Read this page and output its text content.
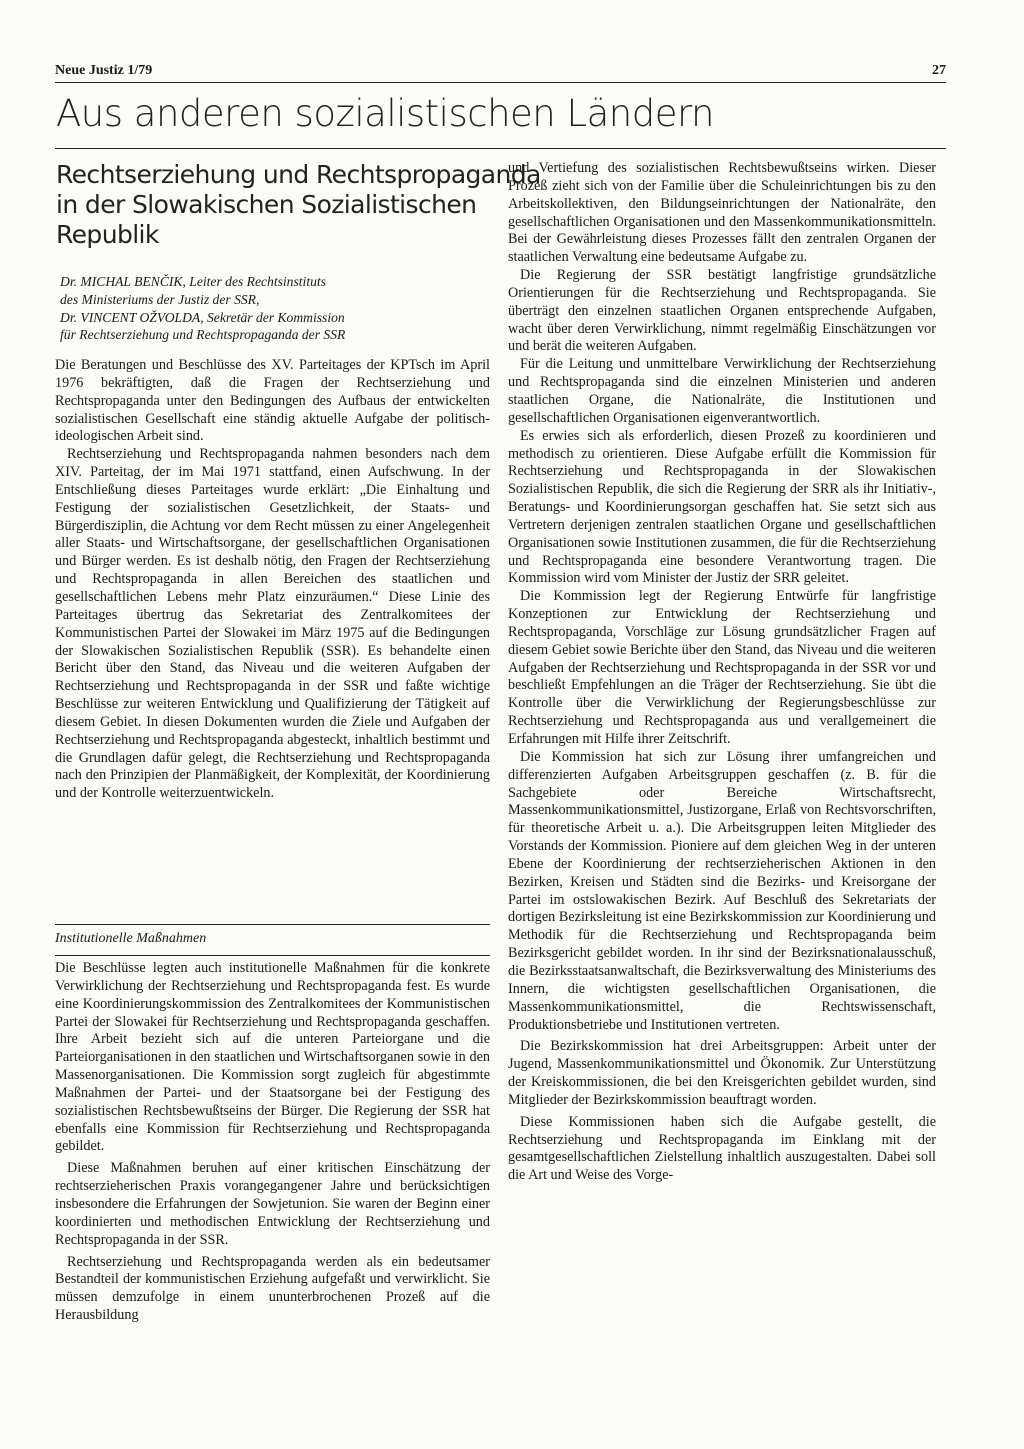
Neue Justiz 1/79	27
Aus anderen sozialistischen Ländern
Rechtserziehung und Rechtspropaganda
in der Slowakischen Sozialistischen
Republik
Dr. MICHAL BENČIK, Leiter des Rechtsinstituts
des Ministeriums der Justiz der SSR,
Dr. VINCENT OŽVOLDA, Sekretär der Kommission
für Rechtserziehung und Rechtspropaganda der SSR

Die Beratungen und Beschlüsse des XV. Parteitages der KPTsch im April 1976 bekräftigten, daß die Fragen der Rechtserziehung und Rechtspropaganda unter den Bedingungen des Aufbaus der entwickelten sozialistischen Gesellschaft eine ständig aktuelle Aufgabe der politisch-ideologischen Arbeit sind.

Rechtserziehung und Rechtspropaganda nahmen besonders nach dem XIV. Parteitag, der im Mai 1971 stattfand, einen Aufschwung. In der Entschließung dieses Parteitages wurde erklärt: „Die Einhaltung und Festigung der sozialistischen Gesetzlichkeit, der Staats- und Bürgerdisziplin, die Achtung vor dem Recht müssen zu einer Angelegenheit aller Staats- und Wirtschaftsorgane, der gesellschaftlichen Organisationen und Bürger werden. Es ist deshalb nötig, den Fragen der Rechtserziehung und Rechtspropaganda in allen Bereichen des staatlichen und gesellschaftlichen Lebens mehr Platz einzuräumen.“ Diese Linie des Parteitages übertrug das Sekretariat des Zentralkomitees der Kommunistischen Partei der Slowakei im März 1975 auf die Bedingungen der Slowakischen Sozialistischen Republik (SSR). Es behandelte einen Bericht über den Stand, das Niveau und die weiteren Aufgaben der Rechtserziehung und Rechtspropaganda in der SSR und faßte wichtige Beschlüsse zur weiteren Entwicklung und Qualifizierung der Tätigkeit auf diesem Gebiet. In diesen Dokumenten wurden die Ziele und Aufgaben der Rechtserziehung und Rechtspropaganda abgesteckt, inhaltlich bestimmt und die Grundlagen dafür gelegt, die Rechtserziehung und Rechtspropaganda nach den Prinzipien der Planmäßigkeit, der Komplexität, der Koordinierung und der Kontrolle weiterzuentwickeln.

Institutionelle Maßnahmen

Die Beschlüsse legten auch institutionelle Maßnahmen für die konkrete Verwirklichung der Rechtserziehung und Rechtspropaganda fest. Es wurde eine Koordinierungskommission des Zentralkomitees der Kommunistischen Partei der Slowakei für Rechtserziehung und Rechtspropaganda geschaffen. Ihre Arbeit bezieht sich auf die unteren Parteiorgane und die Parteiorganisationen in den staatlichen und Wirtschaftsorganen sowie in den Massenorganisationen. Die Kommission sorgt zugleich für abgestimmte Maßnahmen der Partei- und der Staatsorgane bei der Festigung des sozialistischen Rechtsbewußtseins der Bürger. Die Regierung der SSR hat ebenfalls eine Kommission für Rechtserziehung und Rechtspropaganda gebildet.

Diese Maßnahmen beruhen auf einer kritischen Einschätzung der rechtserzieherischen Praxis vorangegangener Jahre und berücksichtigen insbesondere die Erfahrungen der Sowjetunion. Sie waren der Beginn einer koordinierten und methodischen Entwicklung der Rechtserziehung und Rechtspropaganda in der SSR.

Rechtserziehung und Rechtspropaganda werden als ein bedeutsamer Bestandteil der kommunistischen Erziehung aufgefaßt und verwirklicht. Sie müssen demzufolge in einem ununterbrochenen Prozeß auf die Herausbildung

und Vertiefung des sozialistischen Rechtsbewußtseins wirken. Dieser Prozeß zieht sich von der Familie über die Schuleinrichtungen bis zu den Arbeitskollektiven, den Bildungseinrichtungen der Nationalräte, den gesellschaftlichen Organisationen und den Massenkommunikationsmitteln. Bei der Gewährleistung dieses Prozesses fällt den zentralen Organen der staatlichen Verwaltung eine bedeutsame Aufgabe zu.

Die Regierung der SSR bestätigt langfristige grundsätzliche Orientierungen für die Rechtserziehung und Rechtspropaganda. Sie überträgt den einzelnen staatlichen Organen entsprechende Aufgaben, wacht über deren Verwirklichung, nimmt regelmäßig Einschätzungen vor und berät die weiteren Aufgaben.

Für die Leitung und unmittelbare Verwirklichung der Rechtserziehung und Rechtspropaganda sind die einzelnen Ministerien und anderen staatlichen Organe, die Nationalräte, die Institutionen und gesellschaftlichen Organisationen eigenverantwortlich.

Es erwies sich als erforderlich, diesen Prozeß zu koordinieren und methodisch zu orientieren. Diese Aufgabe erfüllt die Kommission für Rechtserziehung und Rechtspropaganda in der Slowakischen Sozialistischen Republik, die sich die Regierung der SRR als ihr Initiativ-, Beratungs- und Koordinierungsorgan geschaffen hat. Sie setzt sich aus Vertretern derjenigen zentralen staatlichen Organe und gesellschaftlichen Organisationen sowie Institutionen zusammen, die für die Rechtserziehung und Rechtspropaganda eine besondere Verantwortung tragen. Die Kommission wird vom Minister der Justiz der SRR geleitet.

Die Kommission legt der Regierung Entwürfe für langfristige Konzeptionen zur Entwicklung der Rechtserziehung und Rechtspropaganda, Vorschläge zur Lösung grundsätzlicher Fragen auf diesem Gebiet sowie Berichte über den Stand, das Niveau und die weiteren Aufgaben der Rechtserziehung und Rechtspropaganda in der SSR vor und beschließt Empfehlungen an die Träger der Rechtserziehung. Sie übt die Kontrolle über die Verwirklichung der Regierungsbeschlüsse zur Rechtserziehung und Rechtspropaganda aus und verallgemeinert die Erfahrungen mit Hilfe ihrer Zeitschrift.

Die Kommission hat sich zur Lösung ihrer umfangreichen und differenzierten Aufgaben Arbeitsgruppen geschaffen (z. B. für die Sachgebiete oder Bereiche Wirtschaftsrecht, Massenkommunikationsmittel, Justizorgane, Erlaß von Rechtsvorschriften, für theoretische Arbeit u. a.). Die Arbeitsgruppen leiten Mitglieder des Vorstands der Kommission. Pioniere auf dem gleichen Weg in der unteren Ebene der Koordinierung der rechtserzieherischen Aktionen in den Bezirken, Kreisen und Städten sind die Bezirks- und Kreisorgane der Partei im ostslowakischen Bezirk. Auf Beschluß des Sekretariats der dortigen Bezirksleitung ist eine Bezirkskommission zur Koordinierung und Methodik für die Rechtserziehung und Rechtspropaganda beim Bezirksgericht gebildet worden. In ihr sind der Bezirksnationalausschuß, die Bezirksstaatsanwaltschaft, die Bezirksverwaltung des Ministeriums des Innern, die wichtigsten gesellschaftlichen Organisationen, die Massenkommunikationsmittel, die Rechtswissenschaft, Produktionsbetriebe und Institutionen vertreten.

Die Bezirkskommission hat drei Arbeitsgruppen: Arbeit unter der Jugend, Massenkommunikationsmittel und Ökonomik. Zur Unterstützung der Kreiskommissionen, die bei den Kreisgerichten gebildet wurden, sind Mitglieder der Bezirkskommission beauftragt worden.

Diese Kommissionen haben sich die Aufgabe gestellt, die Rechtserziehung und Rechtspropaganda im Einklang mit der gesamtgesellschaftlichen Zielstellung inhaltlich auszugestalten. Dabei soll die Art und Weise des Vorge-
